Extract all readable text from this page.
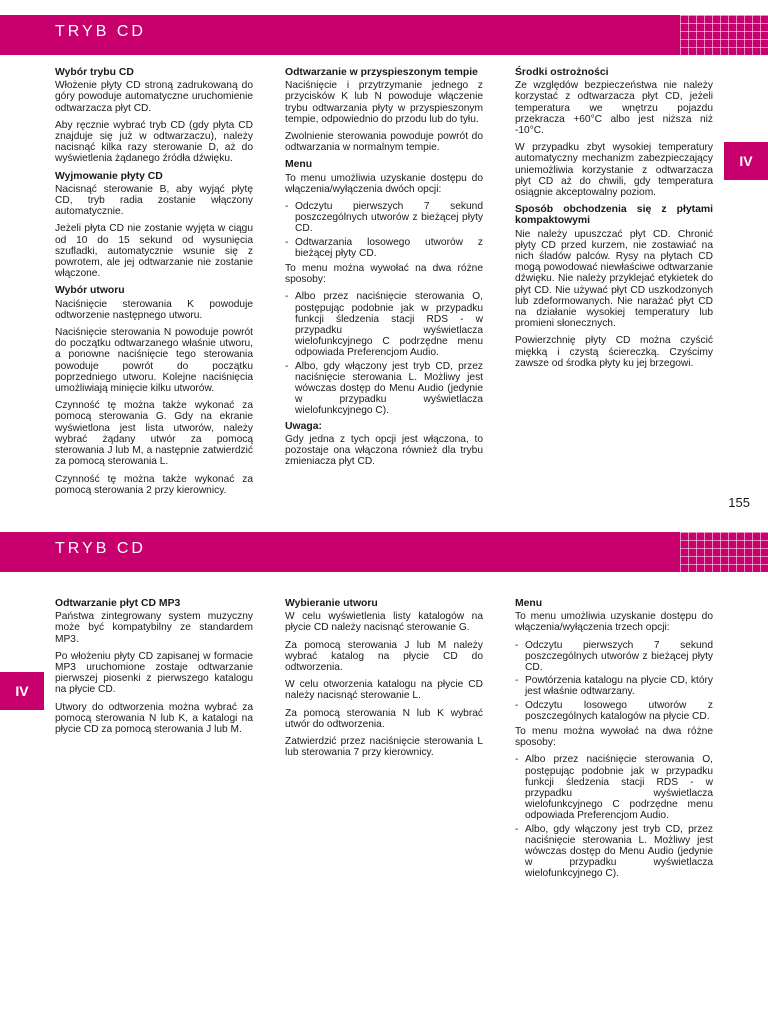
TRYB CD
Wybór trybu CD
Włożenie płyty CD stroną zadrukowaną do góry powoduje automatyczne uruchomienie odtwarzacza płyt CD.
Aby ręcznie wybrać tryb CD (gdy płyta CD znajduje się już w odtwarzaczu), należy nacisnąć kilka razy sterowanie D, aż do wyświetlenia żądanego źródła dźwięku.
Wyjmowanie płyty CD
Nacisnąć sterowanie B, aby wyjąć płytę CD, tryb radia zostanie włączony automatycznie.
Jeżeli płyta CD nie zostanie wyjęta w ciągu od 10 do 15 sekund od wysunięcia szufladki, automatycznie wsunie się z powrotem, ale jej odtwarzanie nie zostanie włączone.
Wybór utworu
Naciśnięcie sterowania K powoduje odtworzenie następnego utworu.
Naciśnięcie sterowania N powoduje powrót do początku odtwarzanego właśnie utworu, a ponowne naciśnięcie tego sterowania powoduje powrót do początku poprzedniego utworu. Kolejne naciśnięcia umożliwiają minięcie kilku utworów.
Czynność tę można także wykonać za pomocą sterowania G. Gdy na ekranie wyświetlona jest lista utworów, należy wybrać żądany utwór za pomocą sterowania J lub M, a następnie zatwierdzić za pomocą sterowania L.
Czynność tę można także wykonać za pomocą sterowania 2 przy kierownicy.
Odtwarzanie w przyspieszonym tempie
Naciśnięcie i przytrzymanie jednego z przycisków K lub N powoduje włączenie trybu odtwarzania płyty w przyspieszonym tempie, odpowiednio do przodu lub do tyłu.
Zwolnienie sterowania powoduje powrót do odtwarzania w normalnym tempie.
Menu
To menu umożliwia uzyskanie dostępu do włączenia/wyłączenia dwóch opcji:
- Odczytu pierwszych 7 sekund poszczególnych utworów z bieżącej płyty CD.
- Odtwarzania losowego utworów z bieżącej płyty CD.
To menu można wywołać na dwa różne sposoby:
- Albo przez naciśnięcie sterowania O, postępując podobnie jak w przypadku funkcji śledzenia stacji RDS - w przypadku wyświetlacza wielofunkcyjnego C podrzędne menu odpowiada Preferencjom Audio.
- Albo, gdy włączony jest tryb CD, przez naciśnięcie sterowania L. Możliwy jest wówczas dostęp do Menu Audio (jedynie w przypadku wyświetlacza wielofunkcyjnego C).
Uwaga:
Gdy jedna z tych opcji jest włączona, to pozostaje ona włączona również dla trybu zmieniacza płyt CD.
Środki ostrożności
Ze względów bezpieczeństwa nie należy korzystać z odtwarzacza płyt CD, jeżeli temperatura we wnętrzu pojazdu przekracza +60°C albo jest niższa niż -10°C.
W przypadku zbyt wysokiej temperatury automatyczny mechanizm zabezpieczający uniemożliwia korzystanie z odtwarzacza płyt CD aż do chwili, gdy temperatura osiągnie akceptowalny poziom.
Sposób obchodzenia się z płytami kompaktowymi
Nie należy upuszczać płyt CD. Chronić płyty CD przed kurzem, nie zostawiać na nich śladów palców. Rysy na płytach CD mogą powodować niewłaściwe odtwarzanie dźwięku. Nie należy przyklejać etykietek do płyt CD. Nie używać płyt CD uszkodzonych lub zdeformowanych. Nie narażać płyt CD na działanie wysokiej temperatury lub promieni słonecznych.
Powierzchnię płyty CD można czyścić miękką i czystą ściereczką. Czyścimy zawsze od środka płyty ku jej brzegowi.
IV
155
TRYB CD
Odtwarzanie płyt CD MP3
Państwa zintegrowany system muzyczny może być kompatybilny ze standardem MP3.
Po włożeniu płyty CD zapisanej w formacie MP3 uruchomione zostaje odtwarzanie pierwszej piosenki z pierwszego katalogu na płycie CD.
Utwory do odtworzenia można wybrać za pomocą sterowania N lub K, a katalogi na płycie CD za pomocą sterowania J lub M.
Wybieranie utworu
W celu wyświetlenia listy katalogów na płycie CD należy nacisnąć sterowanie G.
Za pomocą sterowania J lub M należy wybrać katalog na płycie CD do odtworzenia.
W celu otworzenia katalogu na płycie CD należy nacisnąć sterowanie L.
Za pomocą sterowania N lub K wybrać utwór do odtworzenia.
Zatwierdzić przez naciśnięcie sterowania L lub sterowania 7 przy kierownicy.
Menu
To menu umożliwia uzyskanie dostępu do włączenia/wyłączenia trzech opcji:
- Odczytu pierwszych 7 sekund poszczególnych utworów z bieżącej płyty CD.
- Powtórzenia katalogu na płycie CD, który jest właśnie odtwarzany.
- Odczytu losowego utworów z poszczególnych katalogów na płycie CD.
To menu można wywołać na dwa różne sposoby:
- Albo przez naciśnięcie sterowania O, postępując podobnie jak w przypadku funkcji śledzenia stacji RDS - w przypadku wyświetlacza wielofunkcyjnego C podrzędne menu odpowiada Preferencjom Audio.
- Albo, gdy włączony jest tryb CD, przez naciśnięcie sterowania L. Możliwy jest wówczas dostęp do Menu Audio (jedynie w przypadku wyświetlacza wielofunkcyjnego C).
IV
